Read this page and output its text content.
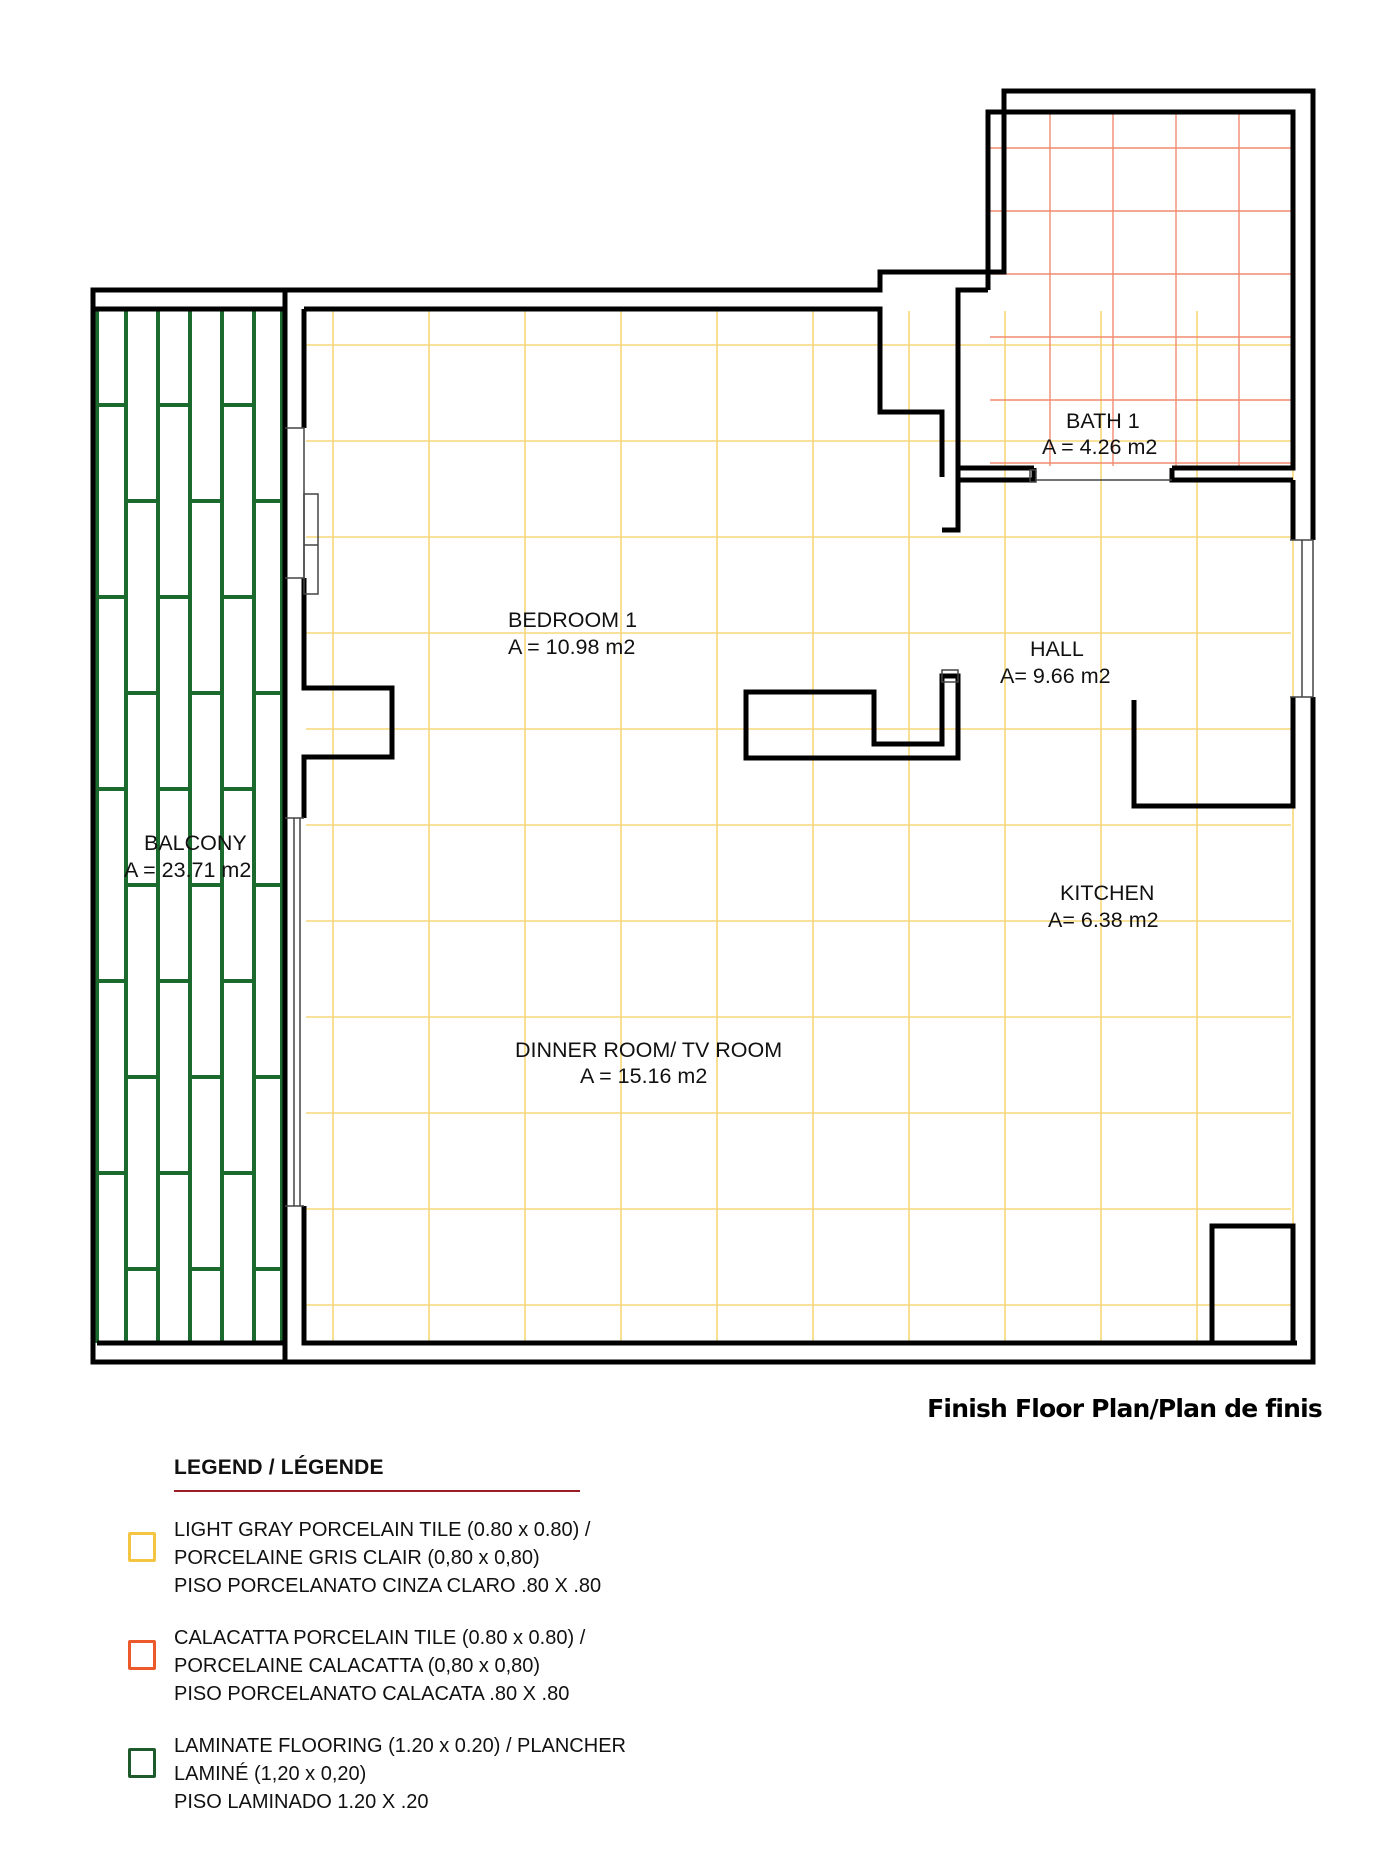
BATH 1
A = 4.26 m2
BEDROOM 1
A = 10.98 m2	HALL
A= 9.66 m2
BALCONY
A = 23.71 m2
KITCHEN
A= 6.38 m2
DINNER ROOM/ TV ROOM
A = 15.16 m2
Finish Floor Plan/Plan de finis
LEGEND / LÉGENDE
LIGHT GRAY PORCELAIN TILE (0.80 x 0.80) /
PORCELAINE GRIS CLAIR (0,80 x 0,80)
PISO PORCELANATO CINZA CLARO .80 X .80
CALACATTA PORCELAIN TILE (0.80 x 0.80) /
PORCELAINE CALACATTA (0,80 x 0,80)
PISO PORCELANATO CALACATA .80 X .80
LAMINATE FLOORING (1.20 x 0.20) / PLANCHER
LAMINÉ (1,20 x 0,20)
PISO LAMINADO 1.20 X .20
